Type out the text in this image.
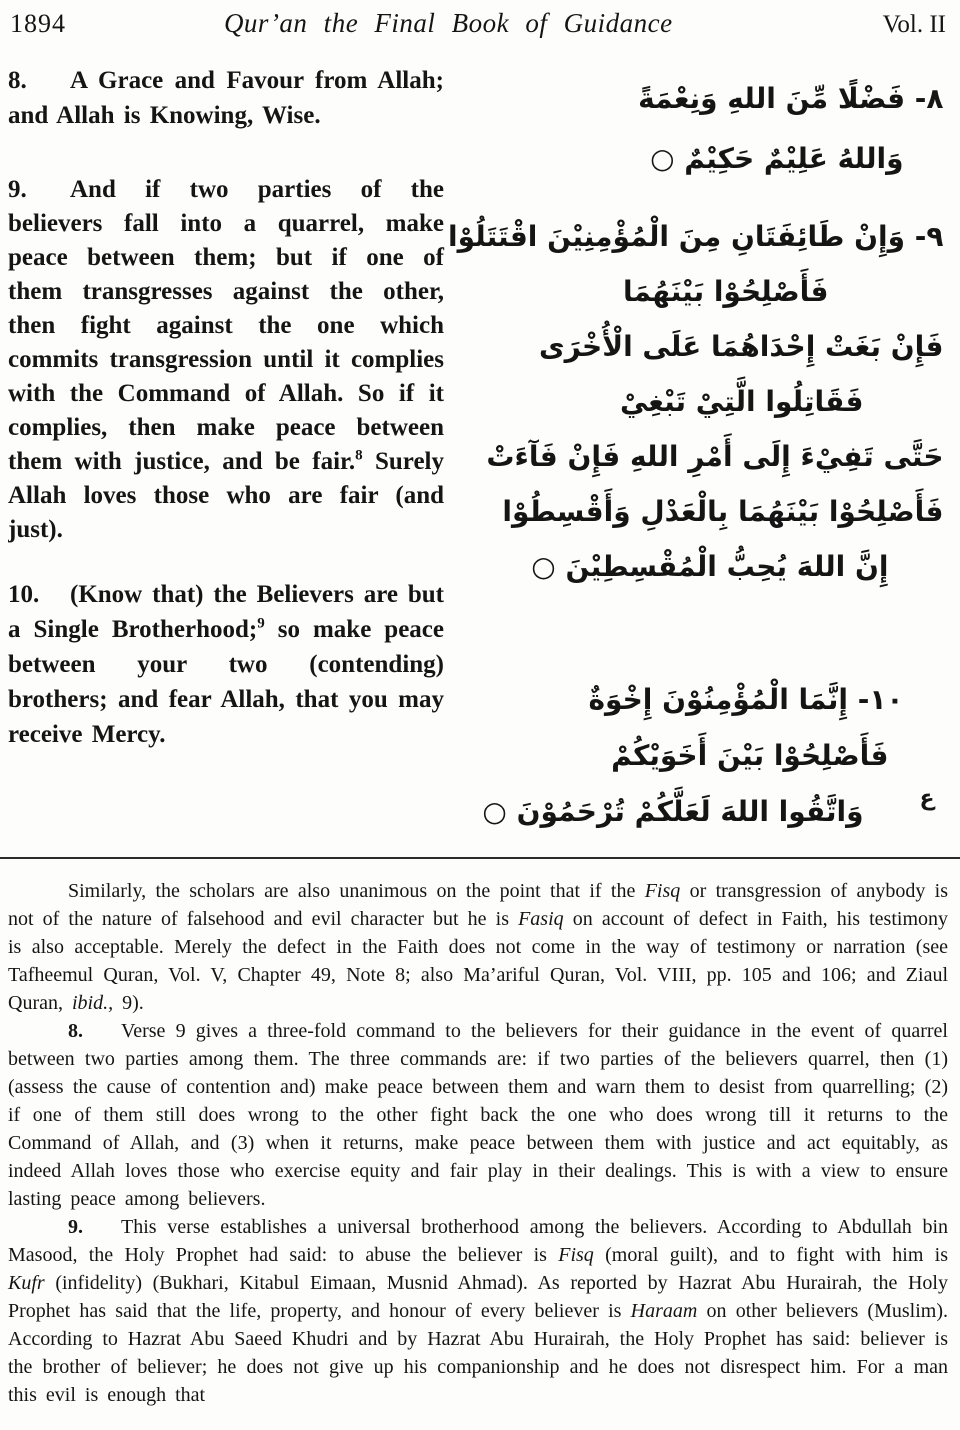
1894	Qur’an the Final Book of Guidance	Vol. II

8. A Grace and Favour from Allah; and Allah is Knowing, Wise.

9. And if two parties of the believers fall into a quarrel, make peace between them; but if one of them transgresses against the other, then fight against the one which commits transgression until it complies with the Command of Allah. So if it complies, then make peace between them with justice, and be fair.$^8$ Surely Allah loves those who are fair (and just).

10. (Know that) the Believers are but a Single Brotherhood;$^9$ so make peace between your two (contending) brothers; and fear Allah, that you may receive Mercy.

٨- فَضْلًا مِّنَ اللهِ وَنِعْمَةً
وَاللهُ عَلِيْمٌ حَكِيْمٌ ○
٩- وَإِنْ طَائِفَتَانِ مِنَ الْمُؤْمِنِيْنَ اقْتَتَلُوْا
فَأَصْلِحُوْا بَيْنَهُمَا
فَإِنْ بَغَتْ إِحْدَاهُمَا عَلَى الْأُخْرَى
فَقَاتِلُوا الَّتِيْ تَبْغِيْ
حَتَّى تَفِيْءَ إِلَى أَمْرِ اللهِ فَإِنْ فَآءَتْ
فَأَصْلِحُوْا بَيْنَهُمَا بِالْعَدْلِ وَأَقْسِطُوْا
إِنَّ اللهَ يُحِبُّ الْمُقْسِطِيْنَ ○
١٠- إِنَّمَا الْمُؤْمِنُوْنَ إِخْوَةٌ
فَأَصْلِحُوْا بَيْنَ أَخَوَيْكُمْ
وَاتَّقُوا اللهَ لَعَلَّكُمْ تُرْحَمُوْنَ ○	ع

Similarly, the scholars are also unanimous on the point that if the Fisq or transgression of anybody is not of the nature of falsehood and evil character but he is Fasiq on account of defect in Faith, his testimony is also acceptable. Merely the defect in the Faith does not come in the way of testimony or narration (see Tafheemul Quran, Vol. V, Chapter 49, Note 8; also Ma’ariful Quran, Vol. VIII, pp. 105 and 106; and Ziaul Quran, ibid., 9).

8. Verse 9 gives a three-fold command to the believers for their guidance in the event of quarrel between two parties among them. The three commands are: if two parties of the believers quarrel, then (1) (assess the cause of contention and) make peace between them and warn them to desist from quarrelling; (2) if one of them still does wrong to the other fight back the one who does wrong till it returns to the Command of Allah, and (3) when it returns, make peace between them with justice and act equitably, as indeed Allah loves those who exercise equity and fair play in their dealings. This is with a view to ensure lasting peace among believers.

9. This verse establishes a universal brotherhood among the believers. According to Abdullah bin Masood, the Holy Prophet had said: to abuse the believer is Fisq (moral guilt), and to fight with him is Kufr (infidelity) (Bukhari, Kitabul Eimaan, Musnid Ahmad). As reported by Hazrat Abu Hurairah, the Holy Prophet has said that the life, property, and honour of every believer is Haraam on other believers (Muslim). According to Hazrat Abu Saeed Khudri and by Hazrat Abu Hurairah, the Holy Prophet has said: believer is the brother of believer; he does not give up his companionship and he does not disrespect him. For a man this evil is enough that
